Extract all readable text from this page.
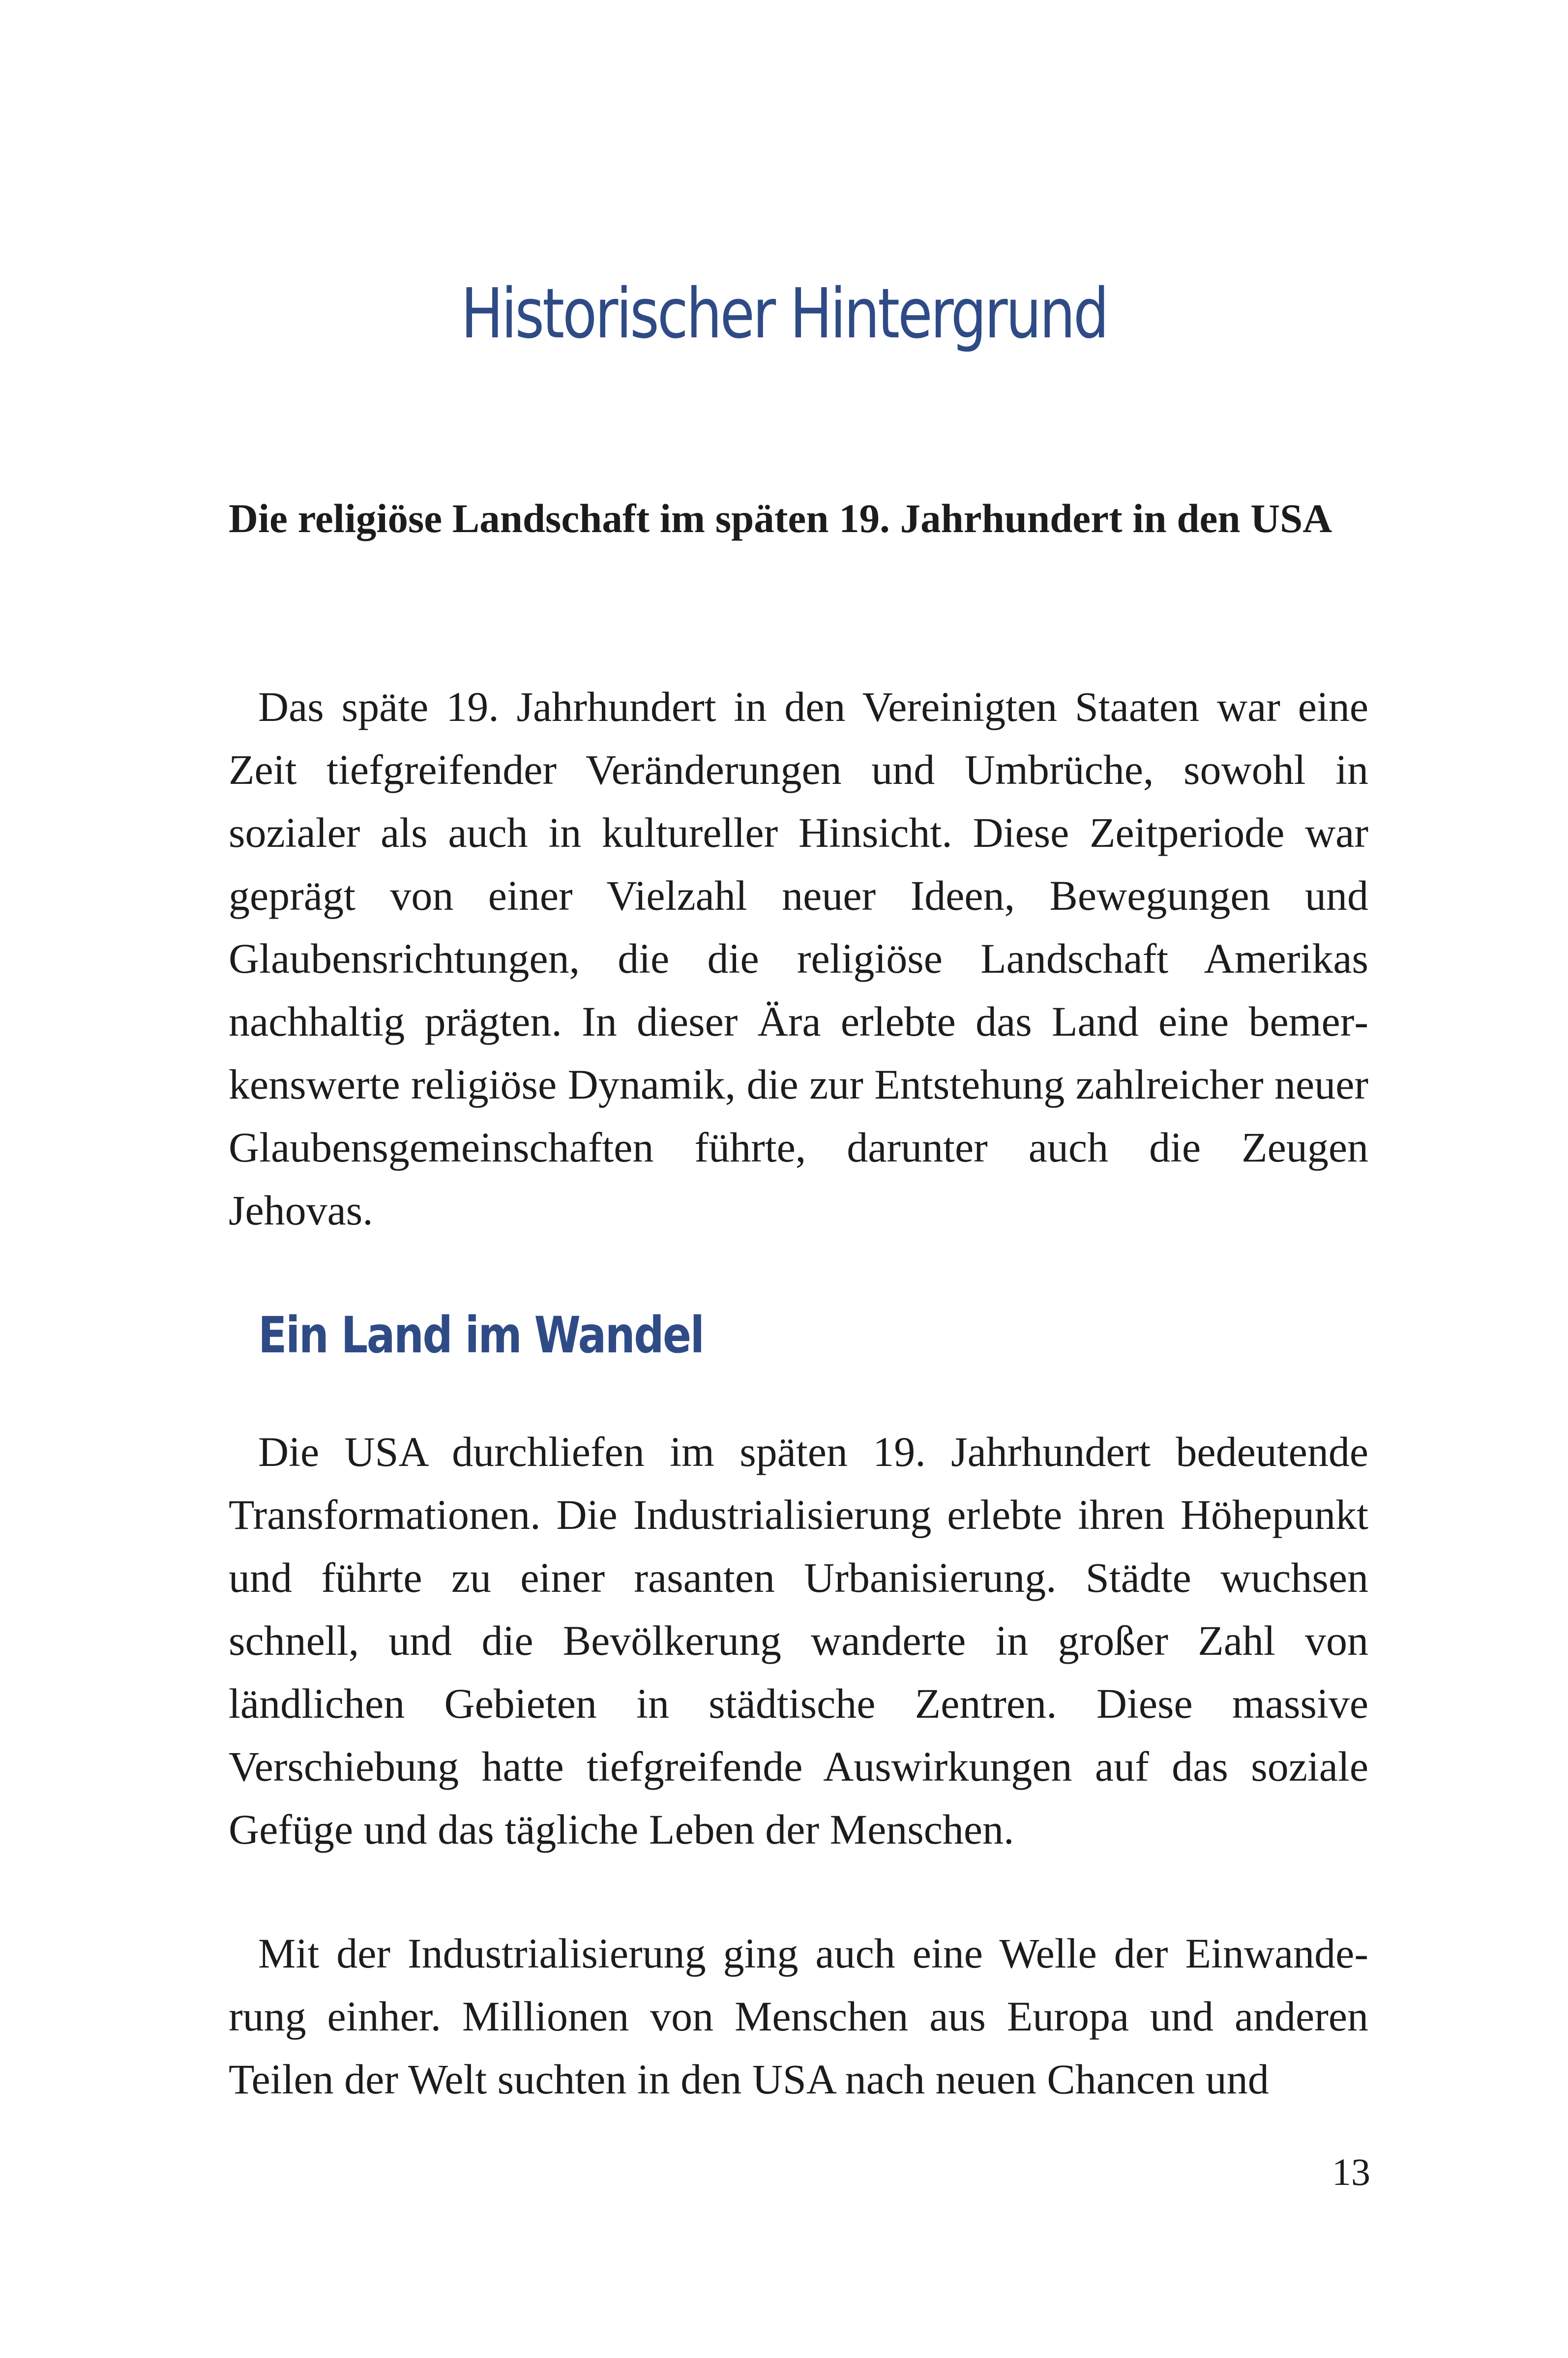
Historischer Hintergrund
Die religiöse Landschaft im späten 19. Jahrhundert in den USA

Das späte 19. Jahrhundert in den Vereinigten Staaten war eine Zeit tiefgreifender Veränderungen und Umbrüche, sowohl in sozialer als auch in kultureller Hinsicht. Diese Zeitperiode war geprägt von einer Vielzahl neuer Ideen, Bewegungen und Glaubensrichtungen, die die religiöse Landschaft Amerikas nachhaltig prägten. In dieser Ära erlebte das Land eine bemerkenswerte religiöse Dynamik, die zur Entstehung zahlreicher neuer Glaubensgemeinschaften führte, darunter auch die Zeugen Jehovas.

Ein Land im Wandel

Die USA durchliefen im späten 19. Jahrhundert bedeutende Transformationen. Die Industrialisierung erlebte ihren Höhepunkt und führte zu einer rasanten Urbanisierung. Städte wuchsen schnell, und die Bevölkerung wanderte in großer Zahl von ländlichen Gebieten in städtische Zentren. Diese massive Verschiebung hatte tiefgreifende Auswirkungen auf das soziale Gefüge und das tägliche Leben der Menschen.

Mit der Industrialisierung ging auch eine Welle der Einwanderung einher. Millionen von Menschen aus Europa und anderen Teilen der Welt suchten in den USA nach neuen Chancen und

13
